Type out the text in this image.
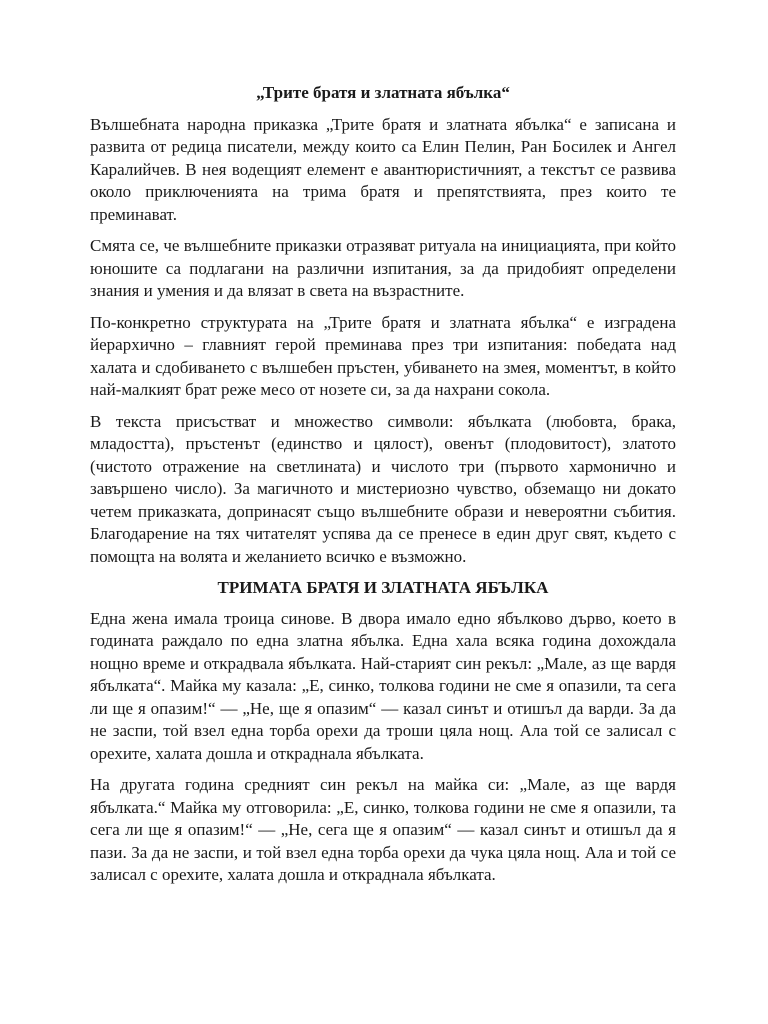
„Трите братя и златната ябълка“

Вълшебната народна приказка „Трите братя и златната ябълка“ е записана и развита от редица писатели, между които са Елин Пелин, Ран Босилек и Ангел Каралийчев. В нея водещият елемент е авантюристичният, а текстът се развива около приключенията на трима братя и препятствията, през които те преминават.

Смята се, че вълшебните приказки отразяват ритуала на инициацията, при който юношите са подлагани на различни изпитания, за да придобият определени знания и умения и да влязат в света на възрастните.

По-конкретно структурата на „Трите братя и златната ябълка“ е изградена йерархично – главният герой преминава през три изпитания: победата над халата и сдобиването с вълшебен пръстен, убиването на змея, моментът, в който най-малкият брат реже месо от нозете си, за да нахрани сокола.

В текста присъстват и множество символи: ябълката (любовта, брака, младостта), пръстенът (единство и цялост), овенът (плодовитост), златото (чистото отражение на светлината) и числото три (първото хармонично и завършено число). За магичното и мистериозно чувство, обземащо ни докато четем приказката, допринасят също вълшебните образи и невероятни събития. Благодарение на тях читателят успява да се пренесе в един друг свят, където с помощта на волята и желанието всичко е възможно.

ТРИМАТА БРАТЯ И ЗЛАТНАТА ЯБЪЛКА

Една жена имала троица синове. В двора имало едно ябълково дърво, което в годината раждало по една златна ябълка. Една хала всяка година дохождала нощно време и открадвала ябълката. Най-старият син рекъл: „Мале, аз ще вардя ябълката“. Майка му казала: „Е, синко, толкова години не сме я опазили, та сега ли ще я опазим!“ — „Не, ще я опазим“ — казал синът и отишъл да варди. За да не заспи, той взел една торба орехи да троши цяла нощ. Ала той се залисал с орехите, халата дошла и откраднала ябълката.

На другата година средният син рекъл на майка си: „Мале, аз ще вардя ябълката.“ Майка му отговорила: „Е, синко, толкова години не сме я опазили, та сега ли ще я опазим!“ — „Не, сега ще я опазим“ — казал синът и отишъл да я пази. За да не заспи, и той взел една торба орехи да чука цяла нощ. Ала и той се залисал с орехите, халата дошла и откраднала ябълката.
